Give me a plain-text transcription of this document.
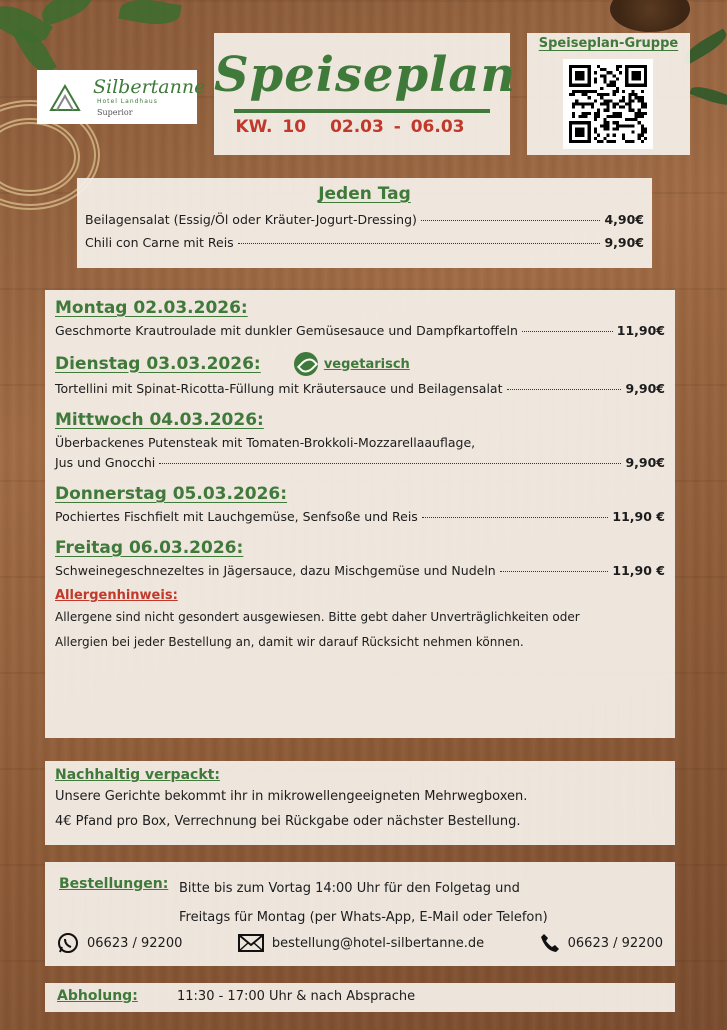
Silbertanne
Hotel Landhaus
Superior
Speiseplan
KW. 10 02.03 - 06.03
Speiseplan-Gruppe
Jeden Tag
Beilagensalat (Essig/Öl oder Kräuter-Jogurt-Dressing)	4,90€
Chili con Carne mit Reis	9,90€
Montag 02.03.2026:
Geschmorte Krautroulade mit dunkler Gemüsesauce und Dampfkartoffeln	11,90€
Dienstag 03.03.2026:	vegetarisch
Tortellini mit Spinat-Ricotta-Füllung mit Kräutersauce und Beilagensalat	9,90€
Mittwoch 04.03.2026:
Überbackenes Putensteak mit Tomaten-Brokkoli-Mozzarellaauflage,
Jus und Gnocchi	9,90€
Donnerstag 05.03.2026:
Pochiertes Fischfielt mit Lauchgemüse, Senfsoße und Reis	11,90 €
Freitag 06.03.2026:
Schweinegeschnezeltes in Jägersauce, dazu Mischgemüse und Nudeln	11,90 €
Allergenhinweis:
Allergene sind nicht gesondert ausgewiesen. Bitte gebt daher Unverträglichkeiten oder
Allergien bei jeder Bestellung an, damit wir darauf Rücksicht nehmen können.
Nachhaltig verpackt:
Unsere Gerichte bekommt ihr in mikrowellengeeigneten Mehrwegboxen.
4€ Pfand pro Box, Verrechnung bei Rückgabe oder nächster Bestellung.
Bestellungen: Bitte bis zum Vortag 14:00 Uhr für den Folgetag und
Freitags für Montag (per Whats-App, E-Mail oder Telefon)
06623 / 92200	bestellung@hotel-silbertanne.de	06623 / 92200
Abholung:	11:30 - 17:00 Uhr & nach Absprache
